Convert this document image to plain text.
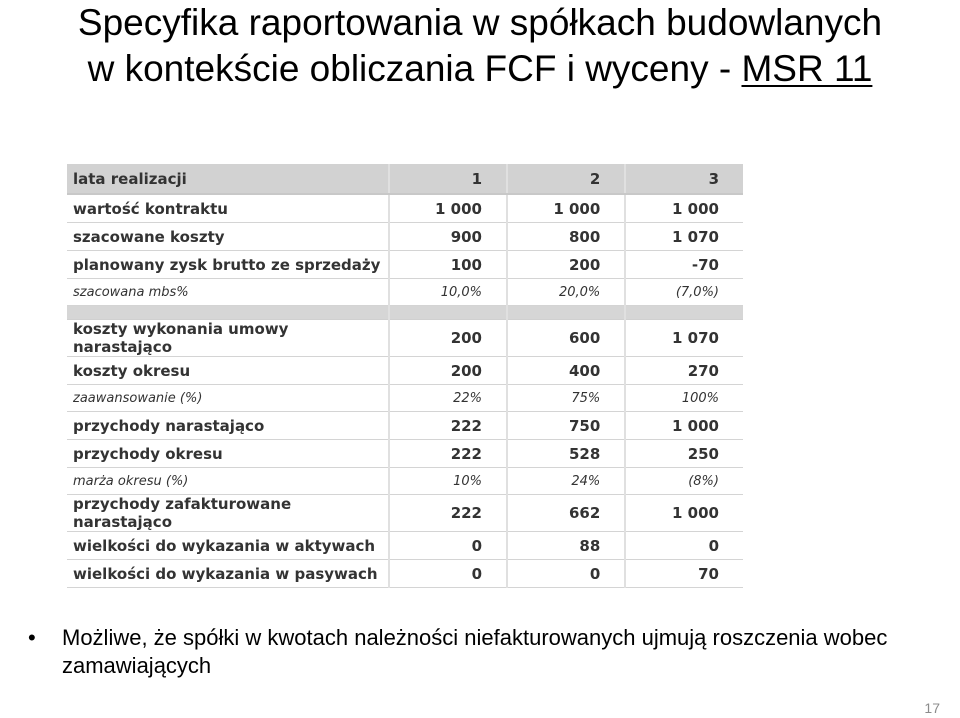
Specyfika raportowania w spółkach budowlanych
w kontekście obliczania FCF i wyceny - MSR 11
lata realizacji	1	2	3
wartość kontraktu	1 000	1 000	1 000
szacowane koszty	900	800	1 070
planowany zysk brutto ze sprzedaży	100	200	-70
szacowana mbs%	10,0%	20,0%	(7,0%)

koszty wykonania umowy narastająco	200	600	1 070
koszty okresu	200	400	270
zaawansowanie (%)	22%	75%	100%
przychody narastająco	222	750	1 000
przychody okresu	222	528	250
marża okresu (%)	10%	24%	(8%)
przychody zafakturowane narastająco	222	662	1 000
wielkości do wykazania w aktywach	0	88	0
wielkości do wykazania w pasywach	0	0	70
• Możliwe, że spółki w kwotach należności niefakturowanych ujmują roszczenia wobec zamawiających
17
